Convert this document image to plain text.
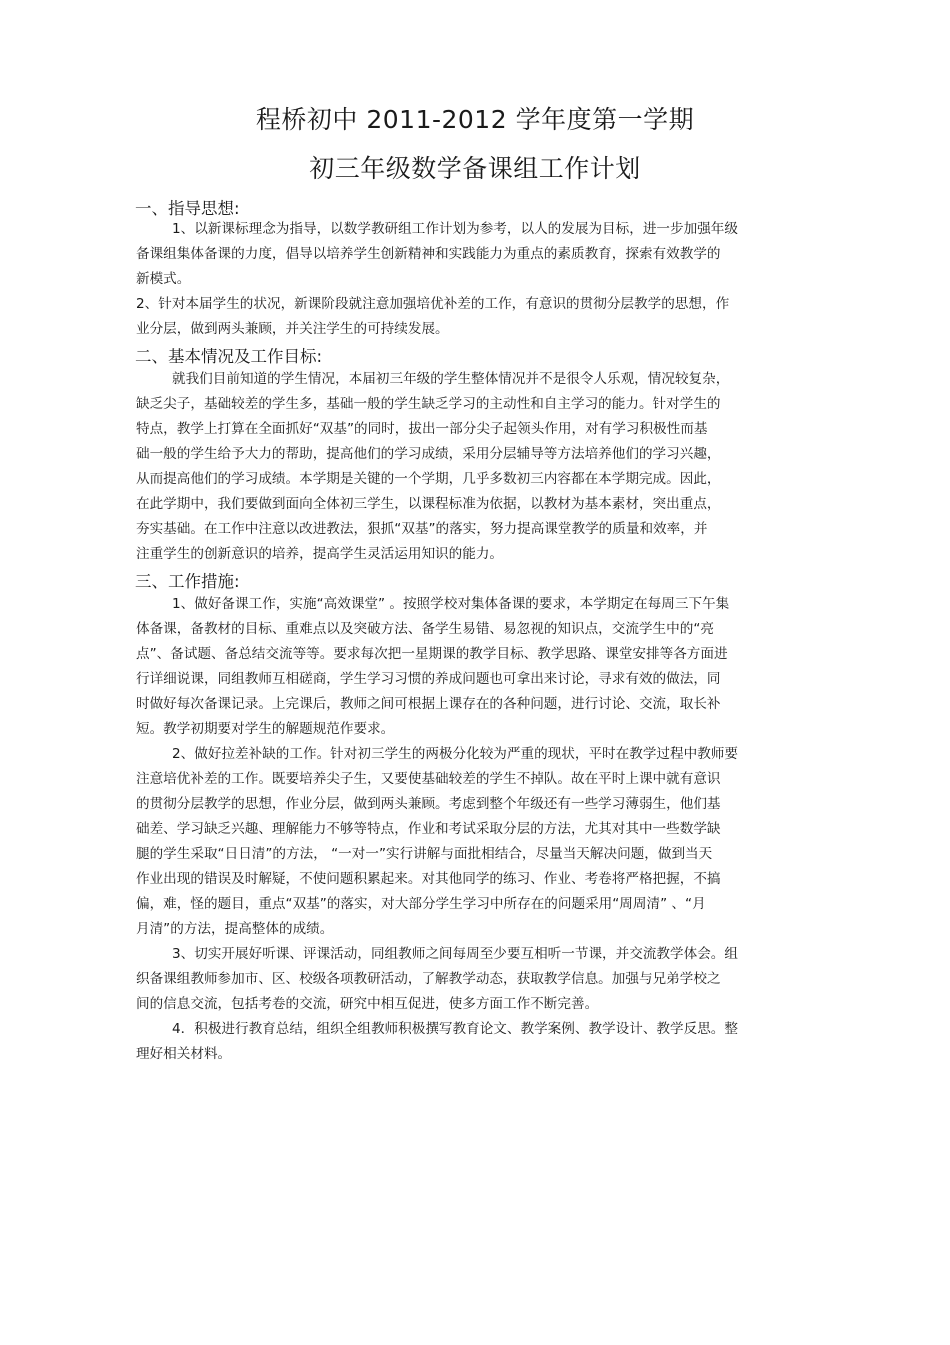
程桥初中 2011-2012 学年度第一学期
初三年级数学备课组工作计划
一、指导思想:
1、以新课标理念为指导，以数学教研组工作计划为参考，以人的发展为目标，进一步加强年级
备课组集体备课的力度，倡导以培养学生创新精神和实践能力为重点的素质教育，探索有效教学的
新模式。
2、针对本届学生的状况，新课阶段就注意加强培优补差的工作，有意识的贯彻分层教学的思想，作
业分层，做到两头兼顾，并关注学生的可持续发展。
二、基本情况及工作目标:
就我们目前知道的学生情况，本届初三年级的学生整体情况并不是很令人乐观，情况较复杂，
缺乏尖子，基础较差的学生多，基础一般的学生缺乏学习的主动性和自主学习的能力。针对学生的
特点，教学上打算在全面抓好“双基”的同时，拔出一部分尖子起领头作用，对有学习积极性而基
础一般的学生给予大力的帮助，提高他们的学习成绩，采用分层辅导等方法培养他们的学习兴趣，
从而提高他们的学习成绩。本学期是关键的一个学期，几乎多数初三内容都在本学期完成。因此，
在此学期中，我们要做到面向全体初三学生，以课程标准为依据，以教材为基本素材，突出重点，
夯实基础。在工作中注意以改进教法，狠抓“双基”的落实，努力提高课堂教学的质量和效率，并
注重学生的创新意识的培养，提高学生灵活运用知识的能力。
三、工作措施:
1、做好备课工作，实施“高效课堂” 。按照学校对集体备课的要求，本学期定在每周三下午集
体备课，备教材的目标、重难点以及突破方法、备学生易错、易忽视的知识点，交流学生中的“亮
点”、备试题、备总结交流等等。要求每次把一星期课的教学目标、教学思路、课堂安排等各方面进
行详细说课，同组教师互相磋商，学生学习习惯的养成问题也可拿出来讨论，寻求有效的做法，同
时做好每次备课记录。上完课后，教师之间可根据上课存在的各种问题，进行讨论、交流，取长补
短。教学初期要对学生的解题规范作要求。
2、做好拉差补缺的工作。针对初三学生的两极分化较为严重的现状，平时在教学过程中教师要
注意培优补差的工作。既要培养尖子生，又要使基础较差的学生不掉队。故在平时上课中就有意识
的贯彻分层教学的思想，作业分层，做到两头兼顾。考虑到整个年级还有一些学习薄弱生，他们基
础差、学习缺乏兴趣、理解能力不够等特点，作业和考试采取分层的方法，尤其对其中一些数学缺
腿的学生采取“日日清”的方法， “一对一”实行讲解与面批相结合，尽量当天解决问题，做到当天
作业出现的错误及时解疑，不使问题积累起来。对其他同学的练习、作业、考卷将严格把握，不搞
偏，难，怪的题目，重点“双基”的落实，对大部分学生学习中所存在的问题采用“周周清” 、“月
月清”的方法，提高整体的成绩。
3、切实开展好听课、评课活动，同组教师之间每周至少要互相听一节课，并交流教学体会。组
织备课组教师参加市、区、校级各项教研活动，了解教学动态，获取教学信息。加强与兄弟学校之
间的信息交流，包括考卷的交流，研究中相互促进，使多方面工作不断完善。
4．积极进行教育总结，组织全组教师积极撰写教育论文、教学案例、教学设计、教学反思。整
理好相关材料。
